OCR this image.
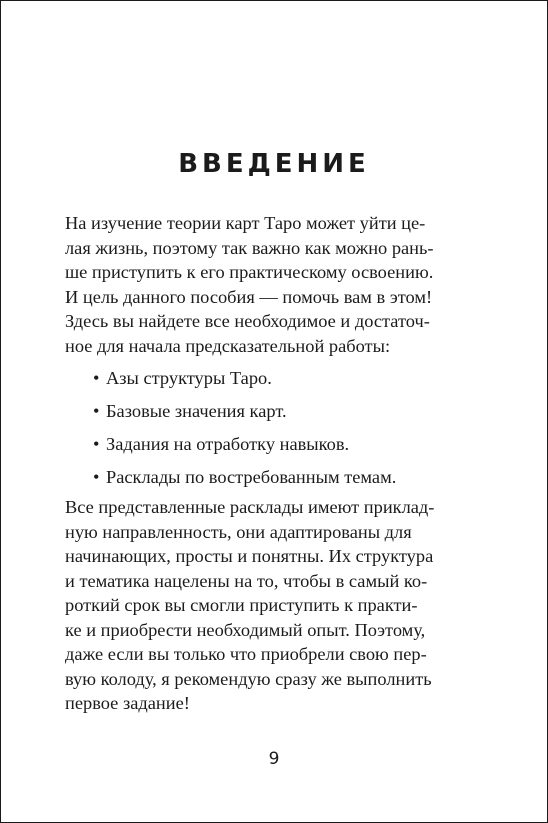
ВВЕДЕНИЕ

На изучение теории карт Таро может уйти це-
лая жизнь, поэтому так важно как можно рань-
ше приступить к его практическому освоению.
И цель данного пособия — помочь вам в этом!
Здесь вы найдете все необходимое и достаточ-
ное для начала предсказательной работы:

• Азы структуры Таро.
• Базовые значения карт.
• Задания на отработку навыков.
• Расклады по востребованным темам.

Все представленные расклады имеют приклад-
ную направленность, они адаптированы для
начинающих, просты и понятны. Их структура
и тематика нацелены на то, чтобы в самый ко-
роткий срок вы смогли приступить к практи-
ке и приобрести необходимый опыт. Поэтому,
даже если вы только что приобрели свою пер-
вую колоду, я рекомендую сразу же выполнить
первое задание!

9
